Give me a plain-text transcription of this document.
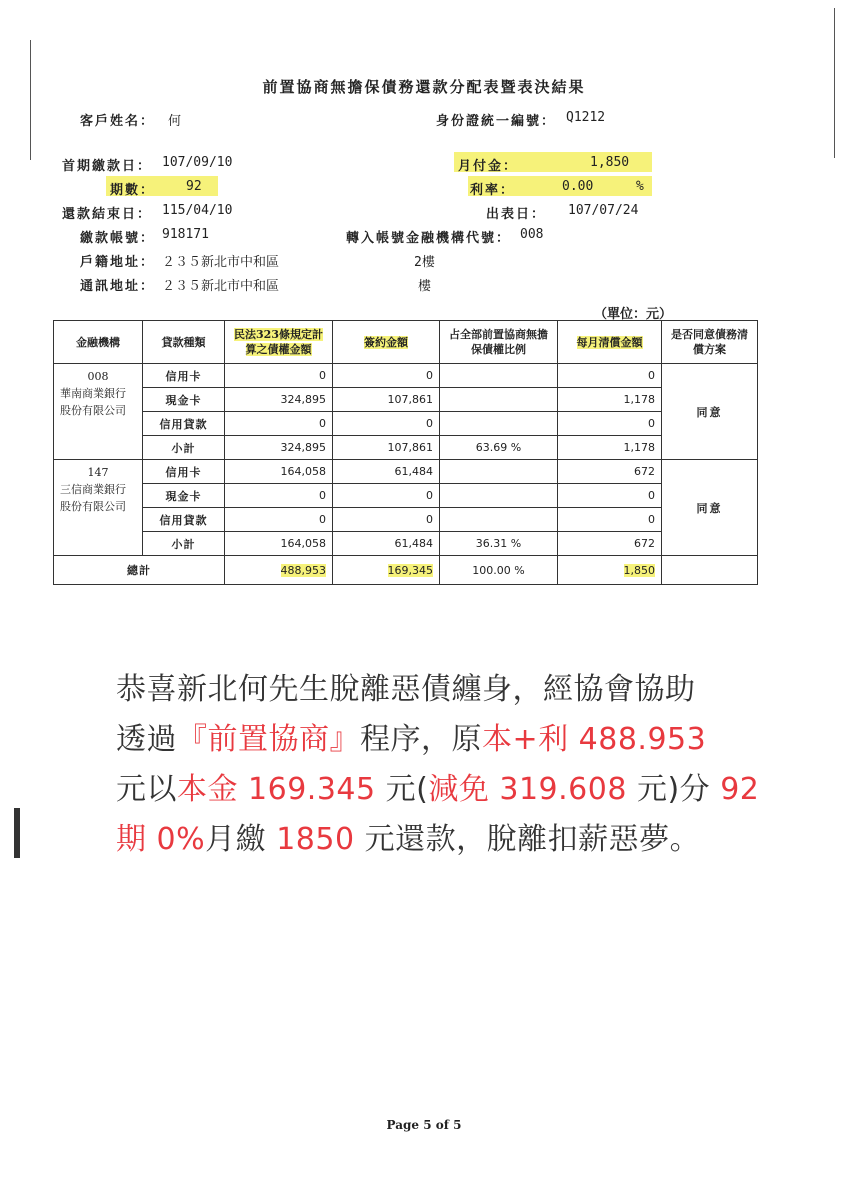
前置協商無擔保債務還款分配表暨表決結果
客戶姓名： 何	身份證統一編號： Q1212
首期繳款日： 107/09/10	月付金：	1,850
期數： 92	利率：	0.00	%
還款結束日： 115/04/10	出表日： 107/07/24
繳款帳號： 918171	轉入帳號金融機構代號： 008
戶籍地址： ２３５新北市中和區	2樓
通訊地址： ２３５新北市中和區	樓
（單位：元）
金融機構	貸款種類	民法323條規定計算之債權金額	簽約金額	占全部前置協商無擔保債權比例	每月清償金額	是否同意債務清償方案

008
華南商業銀行股份有限公司	信用卡	0	0		0	同意
	現金卡	324,895	107,861		1,178	
	信用貸款	0	0		0	
	小計	324,895	107,861	63.69 %	1,178	

147
三信商業銀行股份有限公司	信用卡	164,058	61,484		672	同意
	現金卡	0	0		0	
	信用貸款	0	0		0	
	小計	164,058	61,484	36.31 %	672	
總計		488,953	169,345	100.00 %	1,850	
恭喜新北何先生脫離惡債纏身，經協會協助
透過『前置協商』程序，原本+利 488.953
元以本金 169.345 元(減免 319.608 元)分 92
期 0%月繳 1850 元還款，脫離扣薪惡夢。
Page 5 of 5
